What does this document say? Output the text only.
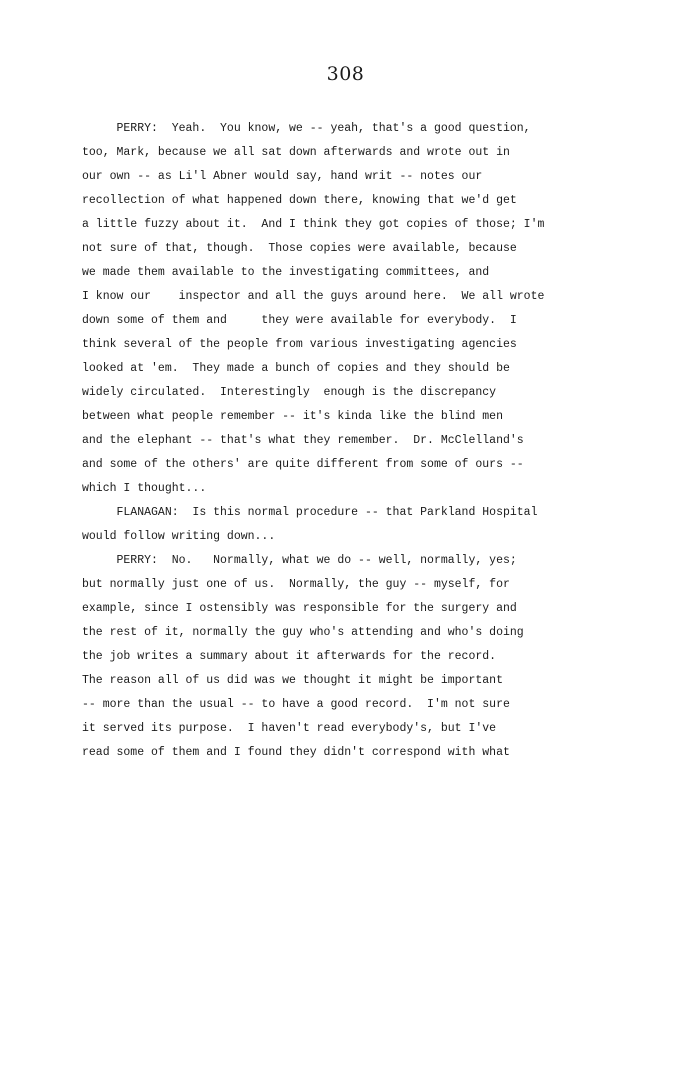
308
PERRY:  Yeah.  You know, we -- yeah, that's a good question,
too, Mark, because we all sat down afterwards and wrote out in
our own -- as Li'l Abner would say, hand writ -- notes our
recollection of what happened down there, knowing that we'd get
a little fuzzy about it.  And I think they got copies of those; I'm
not sure of that, though.  Those copies were available, because
we made them available to the investigating committees, and
I know our    inspector and all the guys around here.  We all wrote
down some of them and     they were available for everybody.  I
think several of the people from various investigating agencies
looked at 'em.  They made a bunch of copies and they should be
widely circulated.  Interestingly  enough is the discrepancy
between what people remember -- it's kinda like the blind men
and the elephant -- that's what they remember.  Dr. McClelland's
and some of the others' are quite different from some of ours --
which I thought...
FLANAGAN:  Is this normal procedure -- that Parkland Hospital
would follow writing down...
PERRY:  No.   Normally, what we do -- well, normally, yes;
but normally just one of us.  Normally, the guy -- myself, for
example, since I ostensibly was responsible for the surgery and
the rest of it, normally the guy who's attending and who's doing
the job writes a summary about it afterwards for the record.
The reason all of us did was we thought it might be important
-- more than the usual -- to have a good record.  I'm not sure
it served its purpose.  I haven't read everybody's, but I've
read some of them and I found they didn't correspond with what
